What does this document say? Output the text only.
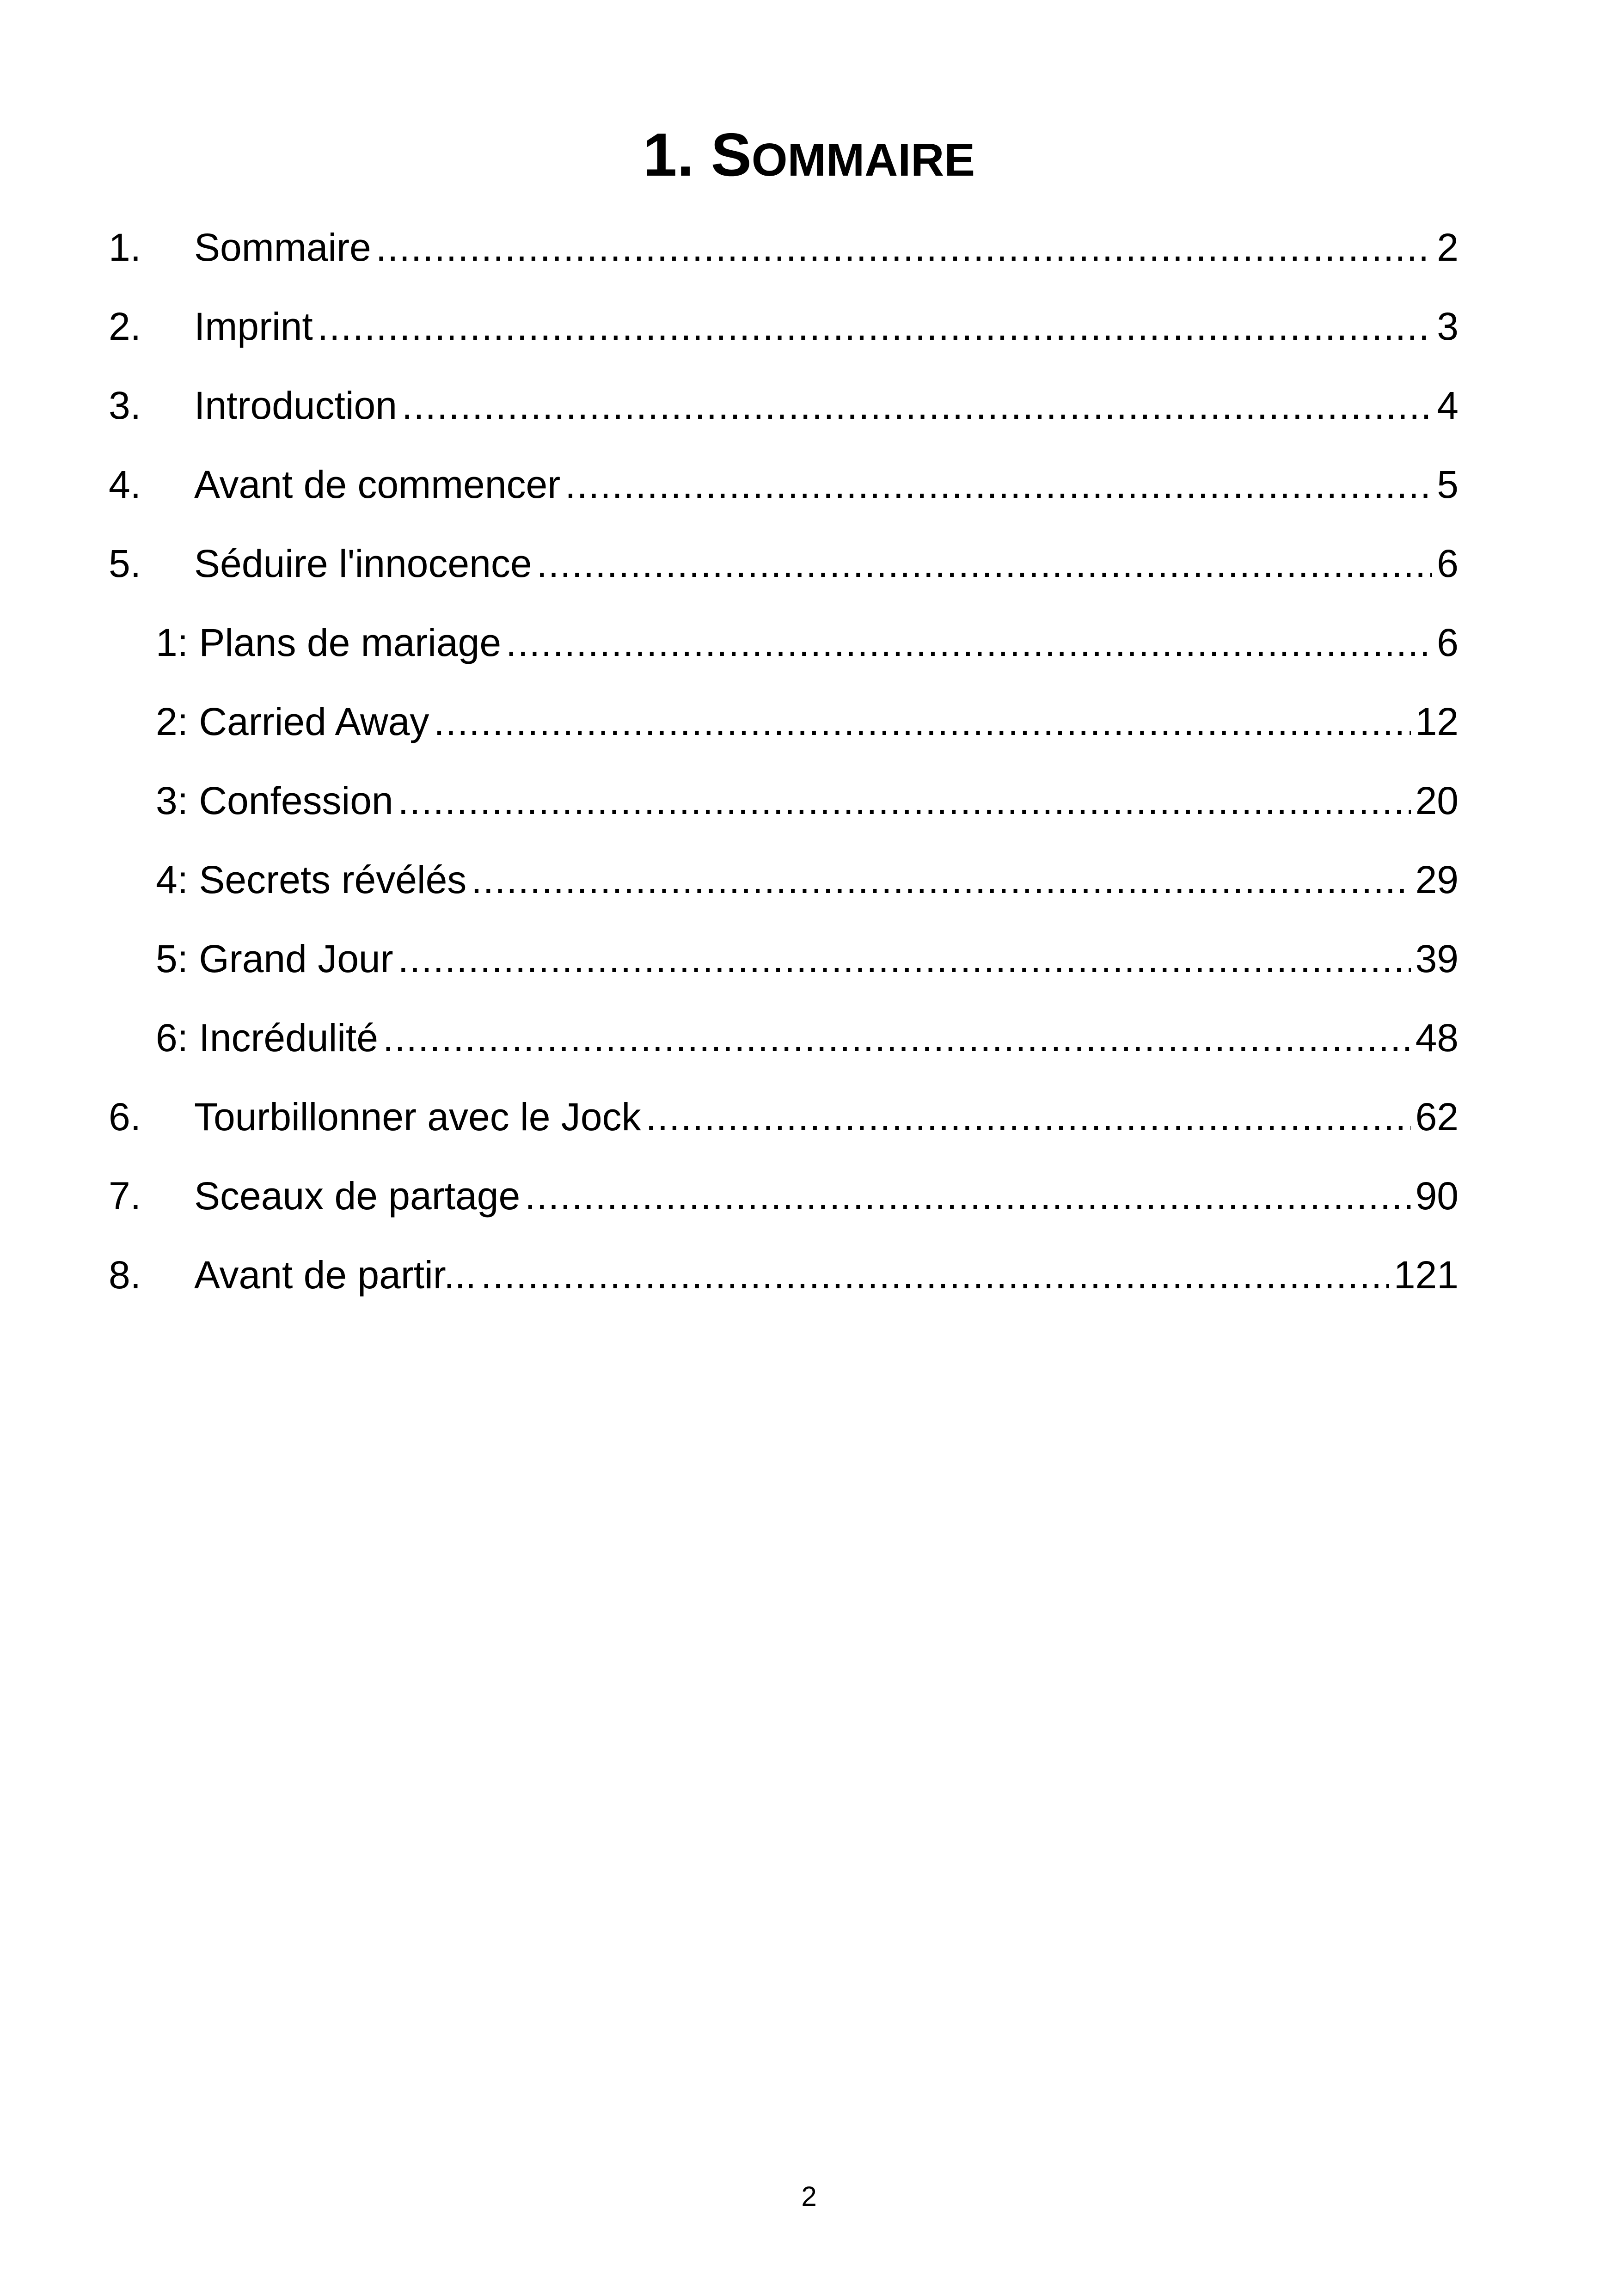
1. SOMMAIRE
1.	Sommaire .....	2
2.	Imprint .....	3
3.	Introduction .....	4
4.	Avant de commencer .....	5
5.	Séduire l'innocence .....	6
1: Plans de mariage .....	6
2: Carried Away .....	12
3: Confession .....	20
4: Secrets révélés .....	29
5: Grand Jour .....	39
6: Incrédulité .....	48
6.	Tourbillonner avec le Jock .....	62
7.	Sceaux de partage .....	90
8.	Avant de partir... .....	121
2
